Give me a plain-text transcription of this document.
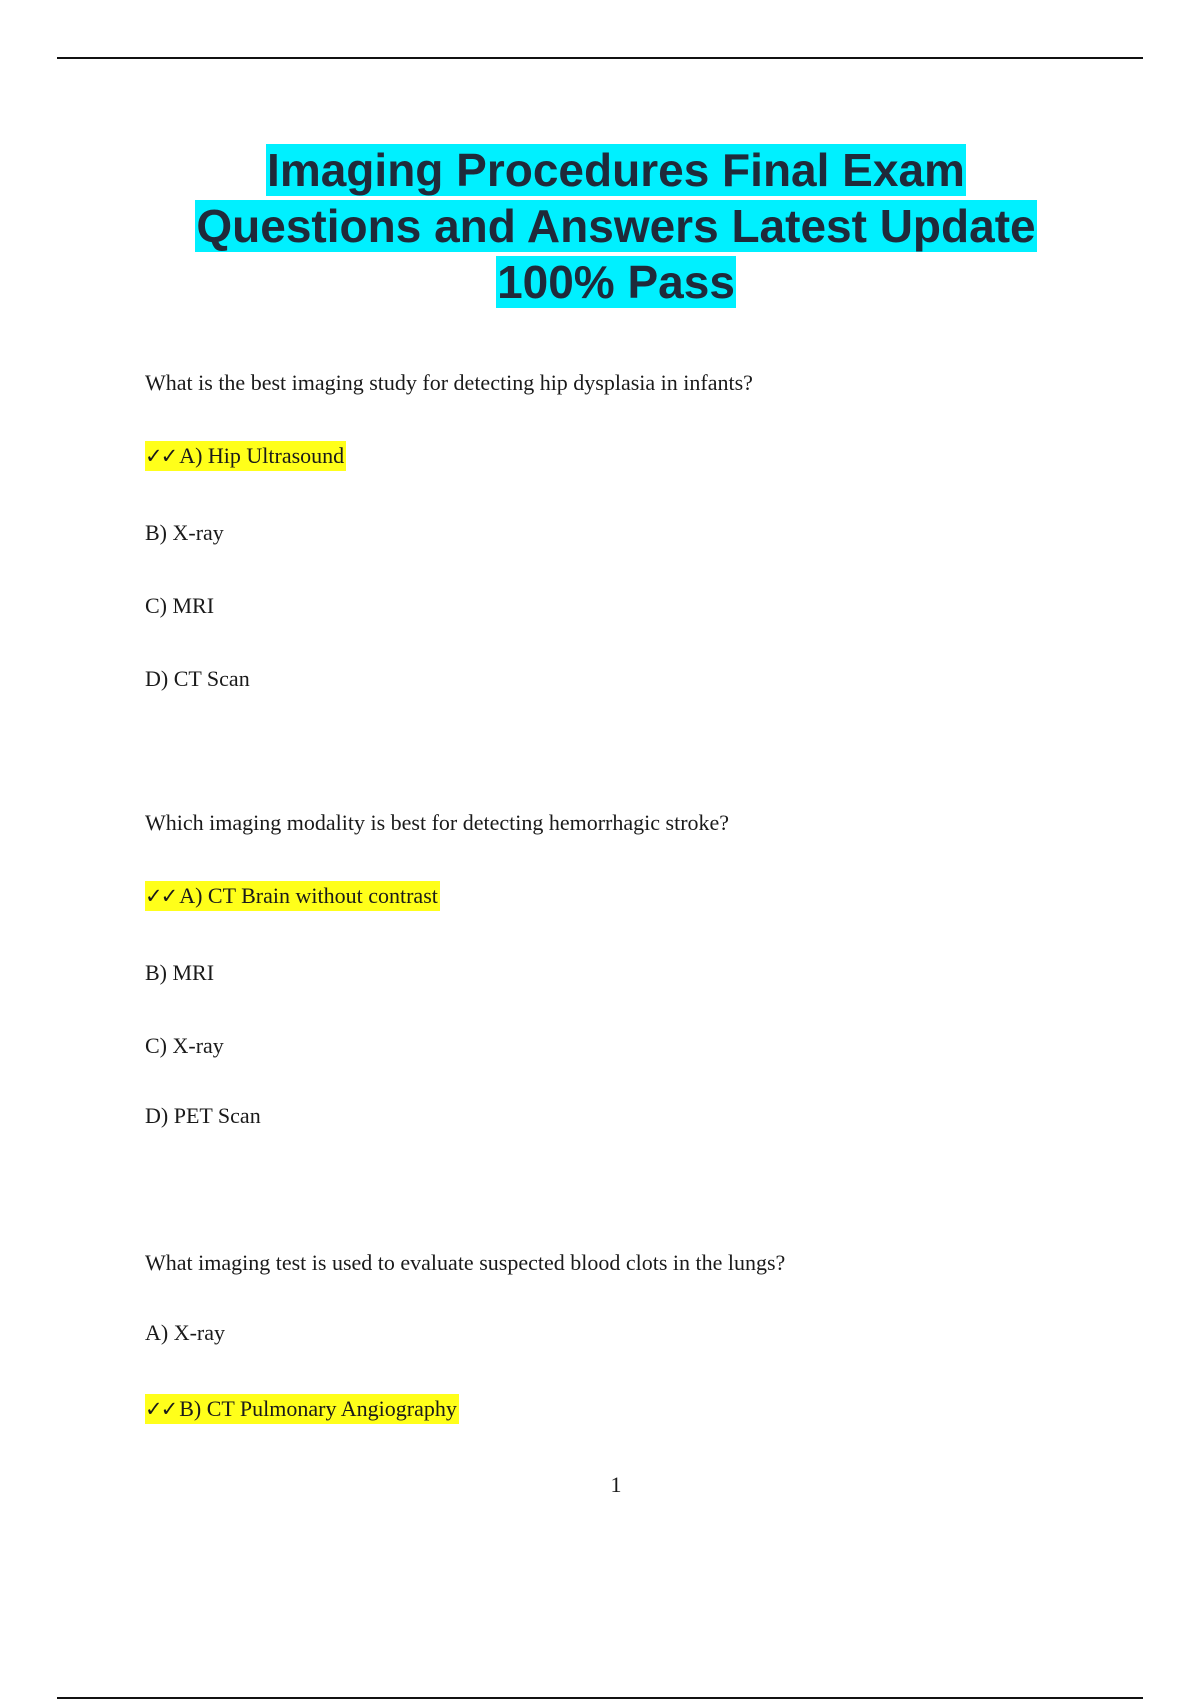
Imaging Procedures Final Exam
Questions and Answers Latest Update
100% Pass
What is the best imaging study for detecting hip dysplasia in infants?
✓✓ A) Hip Ultrasound
B) X-ray
C) MRI
D) CT Scan
Which imaging modality is best for detecting hemorrhagic stroke?
✓✓ A) CT Brain without contrast
B) MRI
C) X-ray
D) PET Scan
What imaging test is used to evaluate suspected blood clots in the lungs?
A) X-ray
✓✓ B) CT Pulmonary Angiography
1
